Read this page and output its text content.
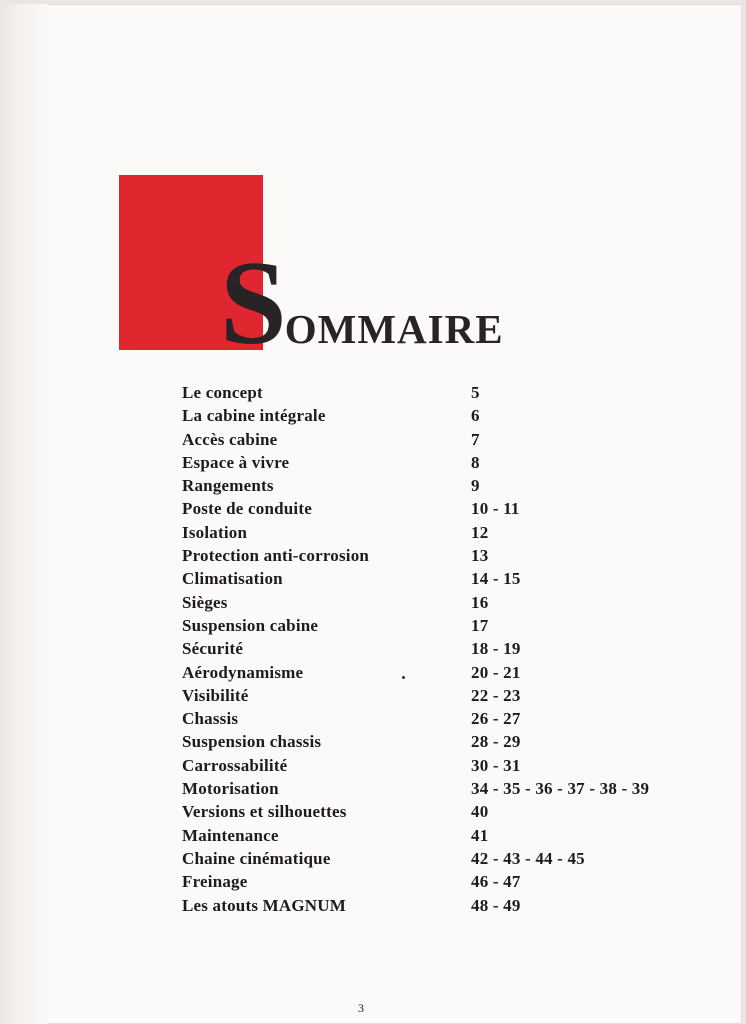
SOMMAIRE
Le concept	5
La cabine intégrale	6
Accès cabine	7
Espace à vivre	8
Rangements	9
Poste de conduite	10 - 11
Isolation	12
Protection anti-corrosion	13
Climatisation	14 - 15
Sièges	16
Suspension cabine	17
Sécurité	18 - 19
Aérodynamisme	20 - 21
Visibilité	22 - 23
Chassis	26 - 27
Suspension chassis	28 - 29
Carrossabilité	30 - 31
Motorisation	34 - 35 - 36 - 37 - 38 - 39
Versions et silhouettes	40
Maintenance	41
Chaine cinématique	42 - 43 - 44 - 45
Freinage	46 - 47
Les atouts MAGNUM	48 - 49
3
